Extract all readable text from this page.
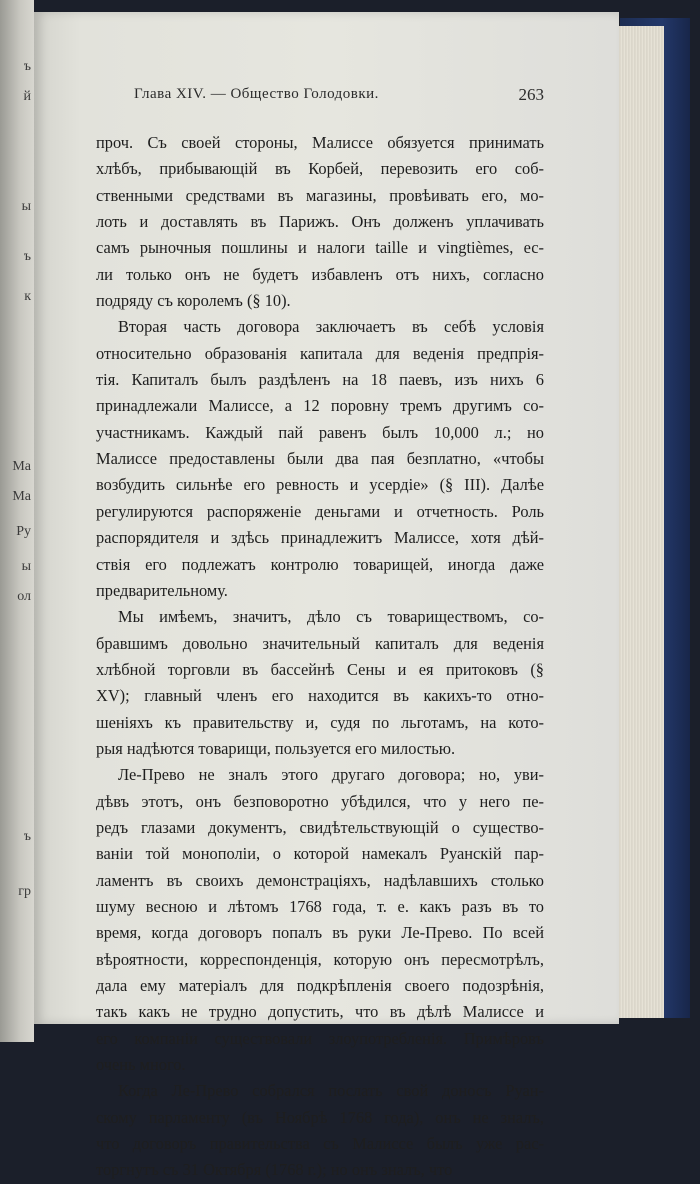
ъ
й
ы
ъ
к
Ма
Ма
Ру
ы
ол
ъ
гр
Глава XIV. — Общество Голодовки.	263

проч. Съ своей стороны, Малиссе обязуется принимать
хлѣбъ, прибывающій въ Корбей, перевозить его соб-
ственными средствами въ магазины, провѣивать его, мо-
лоть и доставлять въ Парижъ. Онъ долженъ уплачивать
самъ рыночныя пошлины и налоги taille и vingtièmes, ес-
ли только онъ не будетъ избавленъ отъ нихъ, согласно
подряду съ королемъ (§ 10).

Вторая часть договора заключаетъ въ себѣ условія
относительно образованія капитала для веденія предпрія-
тія. Капиталъ былъ раздѣленъ на 18 паевъ, изъ нихъ 6
принадлежали Малиссе, а 12 поровну тремъ другимъ со-
участникамъ. Каждый пай равенъ былъ 10,000 л.; но
Малиссе предоставлены были два пая безплатно, «чтобы
возбудить сильнѣе его ревность и усердіе» (§ III). Далѣе
регулируются распоряженіе деньгами и отчетность. Роль
распорядителя и здѣсь принадлежитъ Малиссе, хотя дѣй-
ствія его подлежатъ контролю товарищей, иногда даже
предварительному.

Мы имѣемъ, значитъ, дѣло съ товариществомъ, со-
бравшимъ довольно значительный капиталъ для веденія
хлѣбной торговли въ бассейнѣ Сены и ея притоковъ (§
XV); главный членъ его находится въ какихъ-то отно-
шеніяхъ къ правительству и, судя по льготамъ, на кото-
рыя надѣются товарищи, пользуется его милостью.

Ле-Прево не зналъ этого другаго договора; но, уви-
дѣвъ этотъ, онъ безповоротно убѣдился, что у него пе-
редъ глазами документъ, свидѣтельствующій о существо-
ваніи той монополіи, о которой намекалъ Руанскій пар-
ламентъ въ своихъ демонстраціяхъ, надѣлавшихъ столько
шуму весною и лѣтомъ 1768 года, т. е. какъ разъ въ то
время, когда договоръ попалъ въ руки Ле-Прево. По всей
вѣроятности, корреспонденція, которую онъ пересмотрѣлъ,
дала ему матеріалъ для подкрѣпленія своего подозрѣнія,
такъ какъ не трудно допустить, что въ дѣлѣ Малиссе и
его компаніи существовали злоупотребленія. Примѣровъ
очень много.

Когда Ле-Прево собрался послать свой доносъ Руан-
скому парламенту (въ Ноябрѣ 1768 года), онъ не зналъ,
что договоръ правительства съ Малиссе былъ уже рас-
торгнутъ съ 31 Октября (1768 г.); но онъ зналъ, что
